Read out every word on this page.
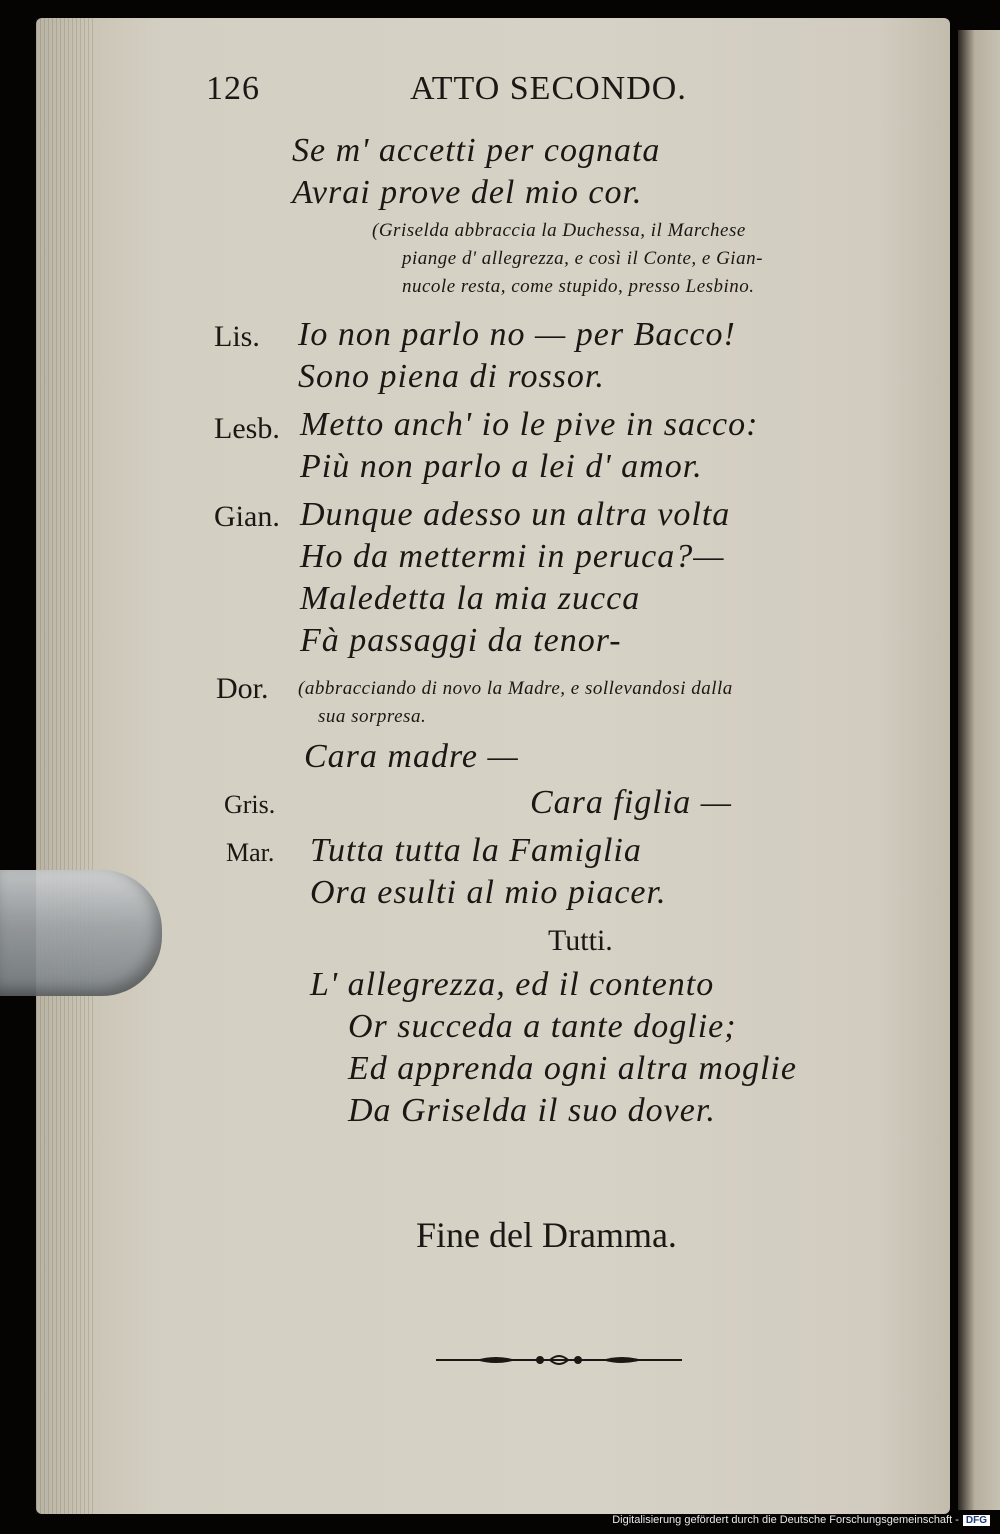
126	ATTO SECONDO.
Se m' accetti per cognata
Avrai prove del mio cor.
(Griselda abbraccia la Duchessa, il Marchese
piange d' allegrezza, e così il Conte, e Gian-
nucole resta, come stupido, presso Lesbino.
Lis. Io non parlo no — per Bacco!
Sono piena di rossor.
Lesb. Metto anch' io le pive in sacco:
Più non parlo a lei d' amor.
Gian. Dunque adesso un altra volta
Ho da mettermi in peruca?—
Maledetta la mia zucca
Fà passaggi da tenor-
Dor. (abbracciando di novo la Madre, e sollevandosi dalla
sua sorpresa.
Cara madre —
Gris.	Cara figlia —
Mar. Tutta tutta la Famiglia
Ora esulti al mio piacer.
Tutti.
L' allegrezza, ed il contento
Or succeda a tante doglie;
Ed apprenda ogni altra moglie
Da Griselda il suo dover.
Fine del Dramma.
Digitalisierung gefördert durch die Deutsche Forschungsgemeinschaft - DFG
